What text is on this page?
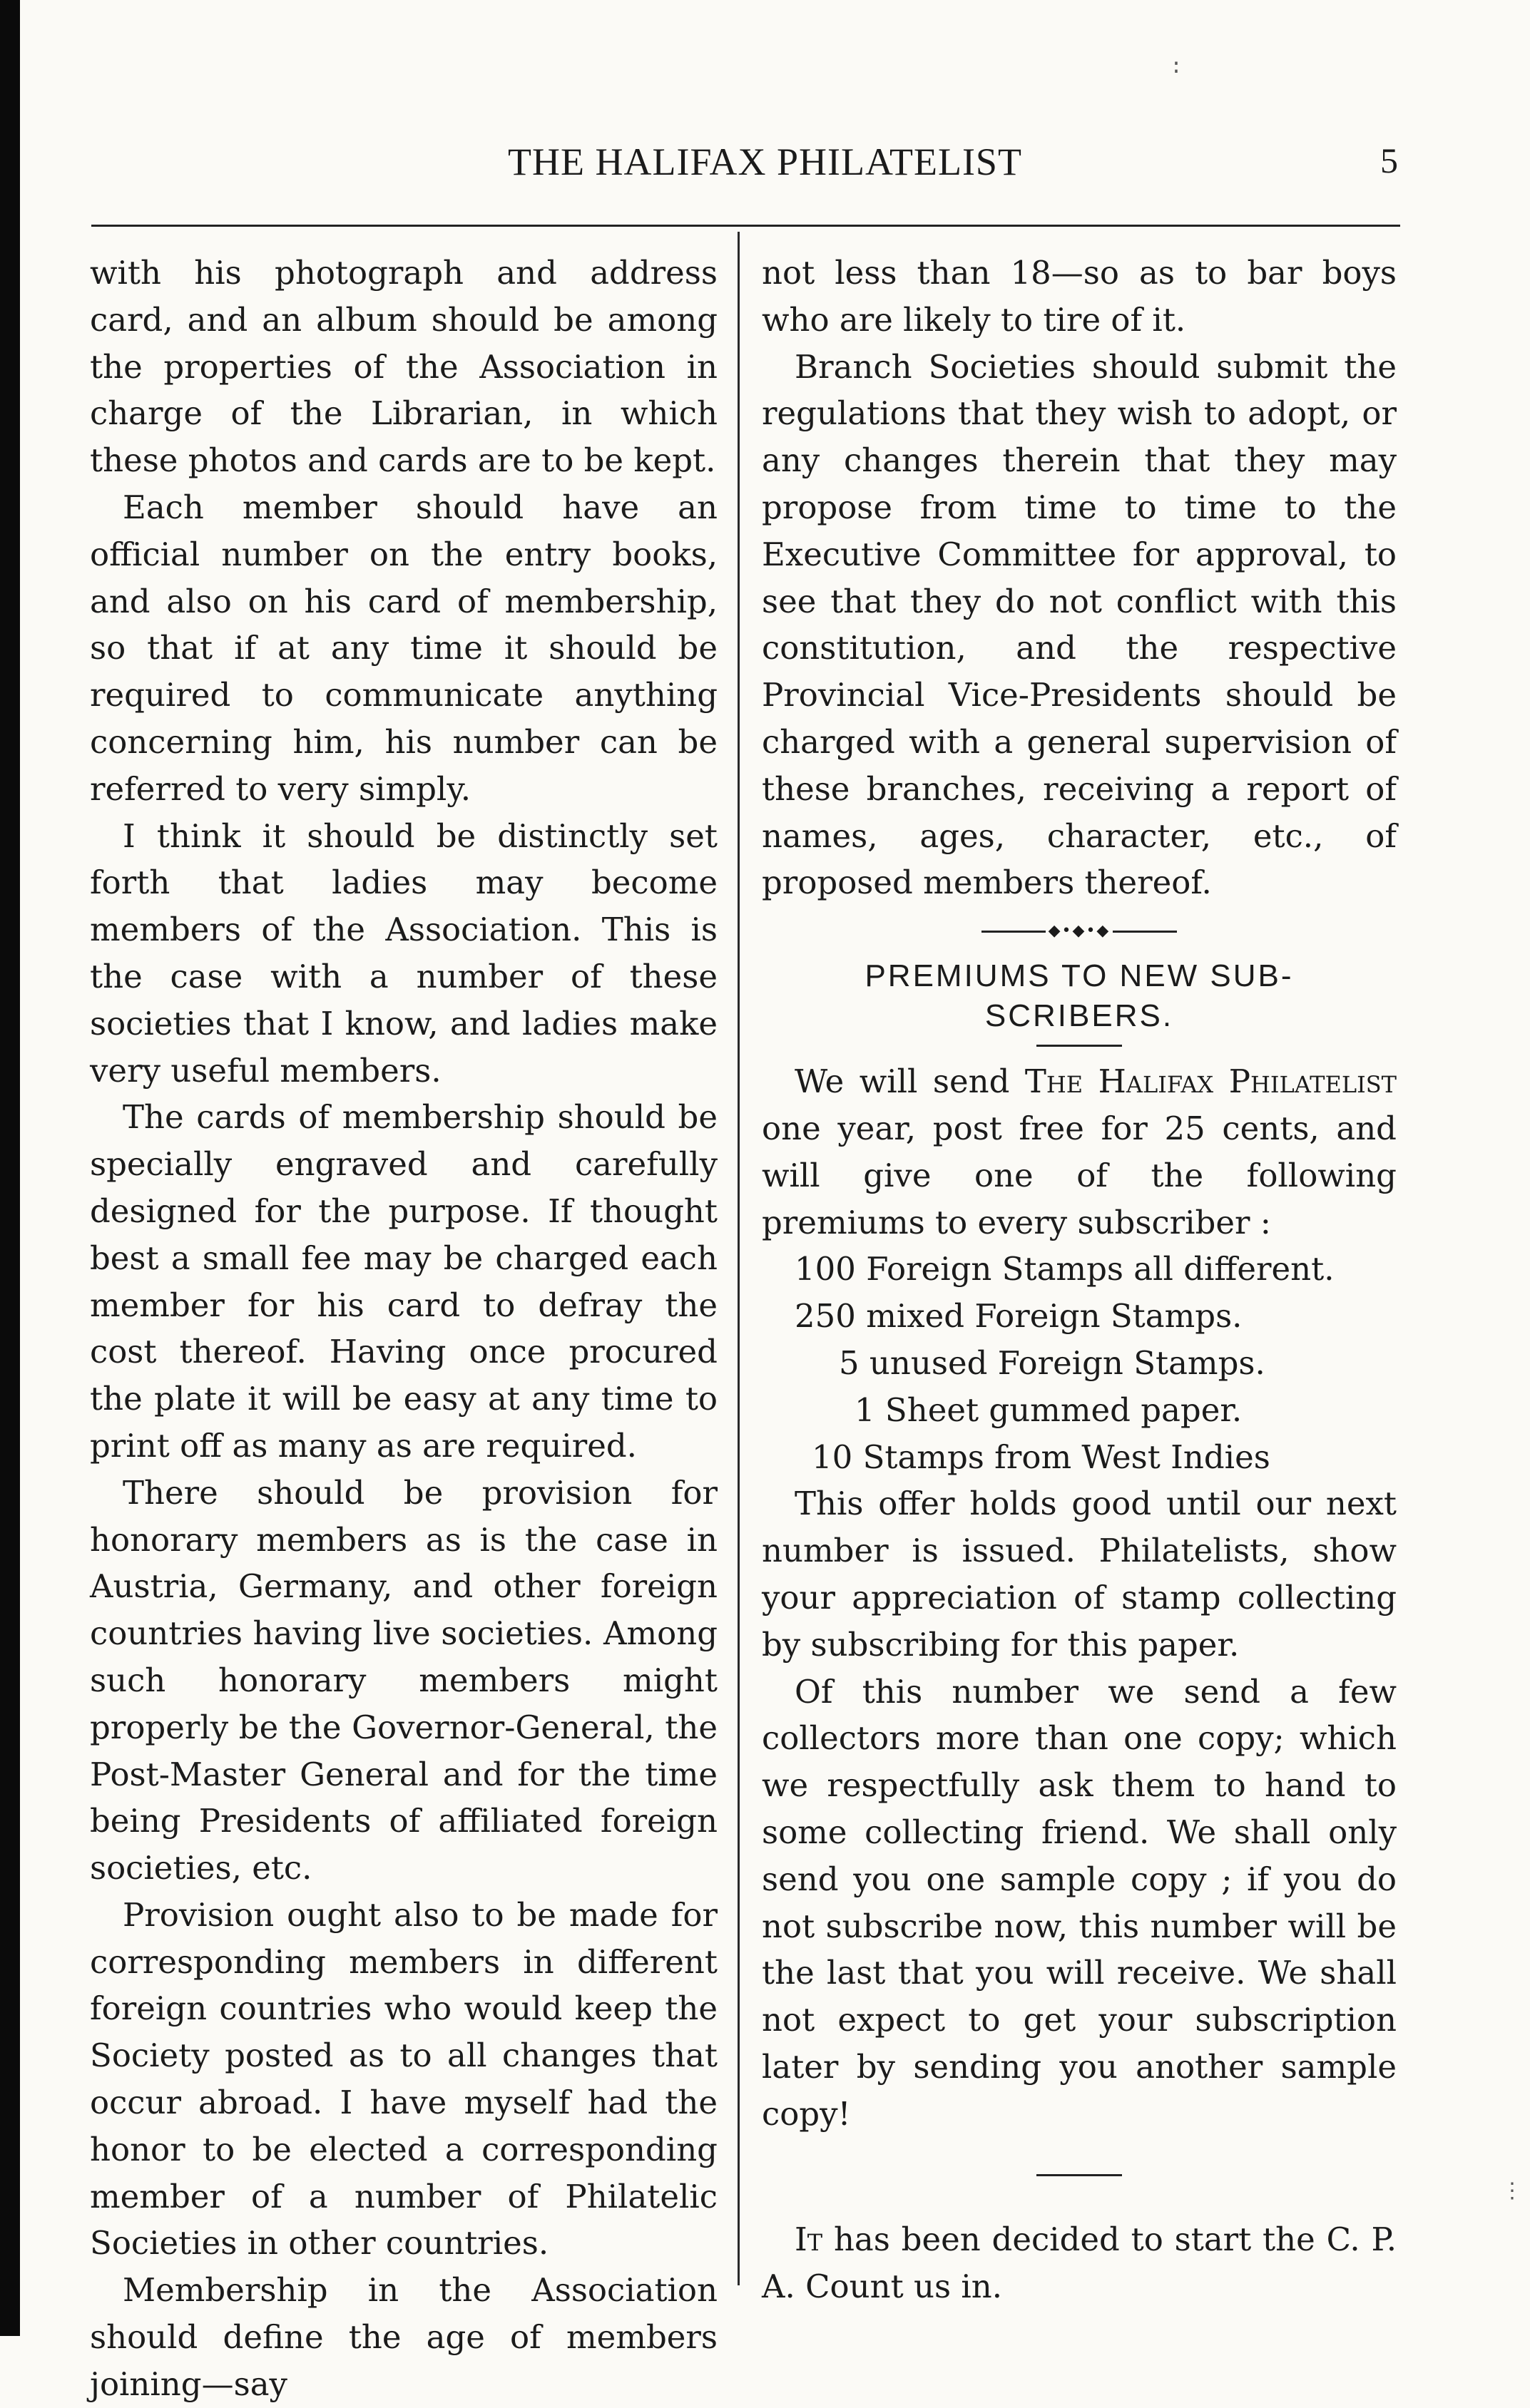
:
⋮
THE HALIFAX PHILATELIST	5

with his photograph and address card, and an album should be among the properties of the Association in charge of the Librarian, in which these photos and cards are to be kept.

Each member should have an official number on the entry books, and also on his card of membership, so that if at any time it should be required to communicate anything concerning him, his number can be referred to very simply.

I think it should be distinctly set forth that ladies may become members of the Association. This is the case with a number of these societies that I know, and ladies make very useful members.

The cards of membership should be specially engraved and carefully designed for the purpose. If thought best a small fee may be charged each member for his card to defray the cost thereof. Having once procured the plate it will be easy at any time to print off as many as are required.

There should be provision for honorary members as is the case in Austria, Germany, and other foreign countries having live societies. Among such honorary members might properly be the Governor-General, the Post-Master General and for the time being Presidents of affiliated foreign societies, etc.

Provision ought also to be made for corresponding members in different foreign countries who would keep the Society posted as to all changes that occur abroad. I have myself had the honor to be elected a corresponding member of a number of Philatelic Societies in other countries.

Membership in the Association should define the age of members joining—say

not less than 18—so as to bar boys who are likely to tire of it.

Branch Societies should submit the regulations that they wish to adopt, or any changes therein that they may propose from time to time to the Executive Committee for approval, to see that they do not conflict with this constitution, and the respective Provincial Vice-Presidents should be charged with a general supervision of these branches, receiving a report of names, ages, character, etc., of proposed members thereof.

◆•◆•◆
PREMIUMS TO NEW SUB-
SCRIBERS.

We will send The Halifax Philatelist one year, post free for 25 cents, and will give one of the following premiums to every subscriber :

100 Foreign Stamps all different.
250 mixed Foreign Stamps.
5 unused Foreign Stamps.
1 Sheet gummed paper.
10 Stamps from West Indies

This offer holds good until our next number is issued. Philatelists, show your appreciation of stamp collecting by subscribing for this paper.

Of this number we send a few collectors more than one copy; which we respectfully ask them to hand to some collecting friend. We shall only send you one sample copy ; if you do not subscribe now, this number will be the last that you will receive. We shall not expect to get your subscription later by sending you another sample copy!

It has been decided to start the C. P. A. Count us in.
